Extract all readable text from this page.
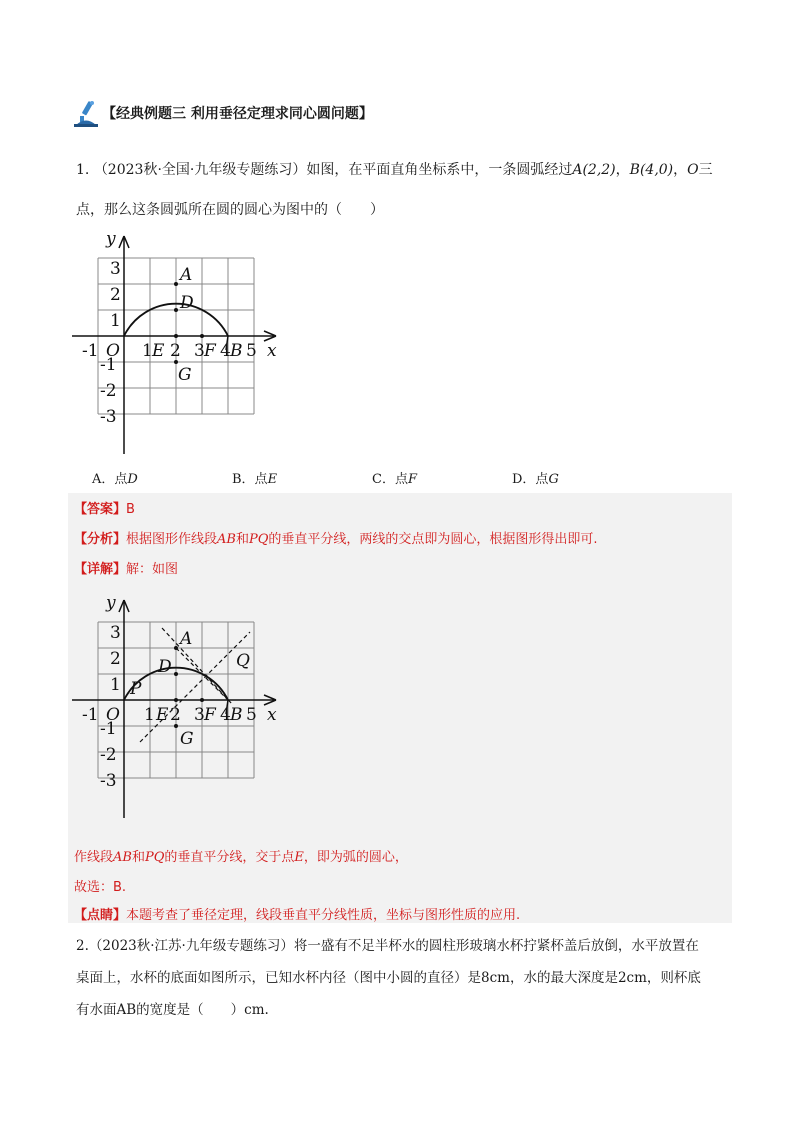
【经典例题三 利用垂径定理求同心圆问题】
1. （2023秋·全国·九年级专题练习）如图，在平面直角坐标系中，一条圆弧经过A(2,2)，B(4,0)，O三
点，那么这条圆弧所在圆的圆心为图中的（　　）
y
x
3
2
1
-1
-2
-3
-1 O 1 E 2 3 F 4 B 5
A
D
G
A．点D	B．点E	C．点F	D．点G
【答案】B
【分析】根据图形作线段AB和PQ的垂直平分线，两线的交点即为圆心，根据图形得出即可.
【详解】解：如图
y
x
3
2
1
-1
-2
-3
-1 O 1 E 2 3 F 4 B 5
A
D	Q
P
G
作线段AB和PQ的垂直平分线，交于点E，即为弧的圆心，
故选：B.
【点睛】本题考查了垂径定理，线段垂直平分线性质，坐标与图形性质的应用.
2.（2023秋·江苏·九年级专题练习）将一盛有不足半杯水的圆柱形玻璃水杯拧紧杯盖后放倒，水平放置在
桌面上，水杯的底面如图所示，已知水杯内径（图中小圆的直径）是8cm，水的最大深度是2cm，则杯底
有水面AB的宽度是（　　）cm.
